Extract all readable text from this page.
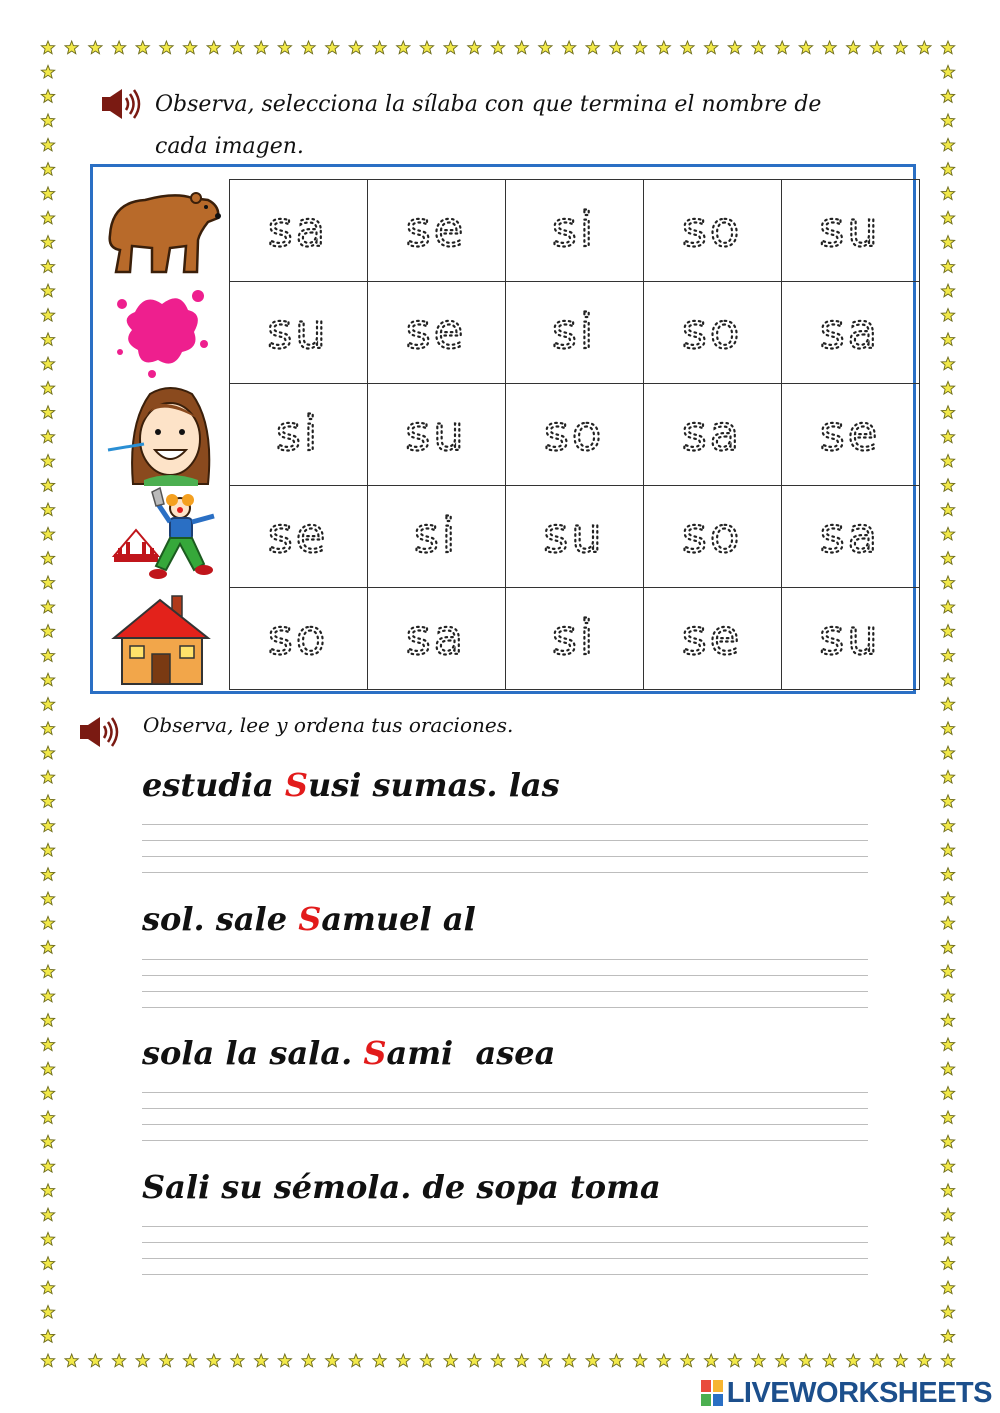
Observa, selecciona la sílaba con que termina el nombre de cada imagen.
sa	se	si	so	su

su	se	si	so	sa

si	su	so	sa	se

se	si	su	so	sa

so	sa	si	se	su
Observa, lee y ordena tus oraciones.
estudia Susi sumas. las
sol. sale Samuel al
sola la sala. Sami  asea
Sali su sémola. de sopa toma
LIVEWORKSHEETS
